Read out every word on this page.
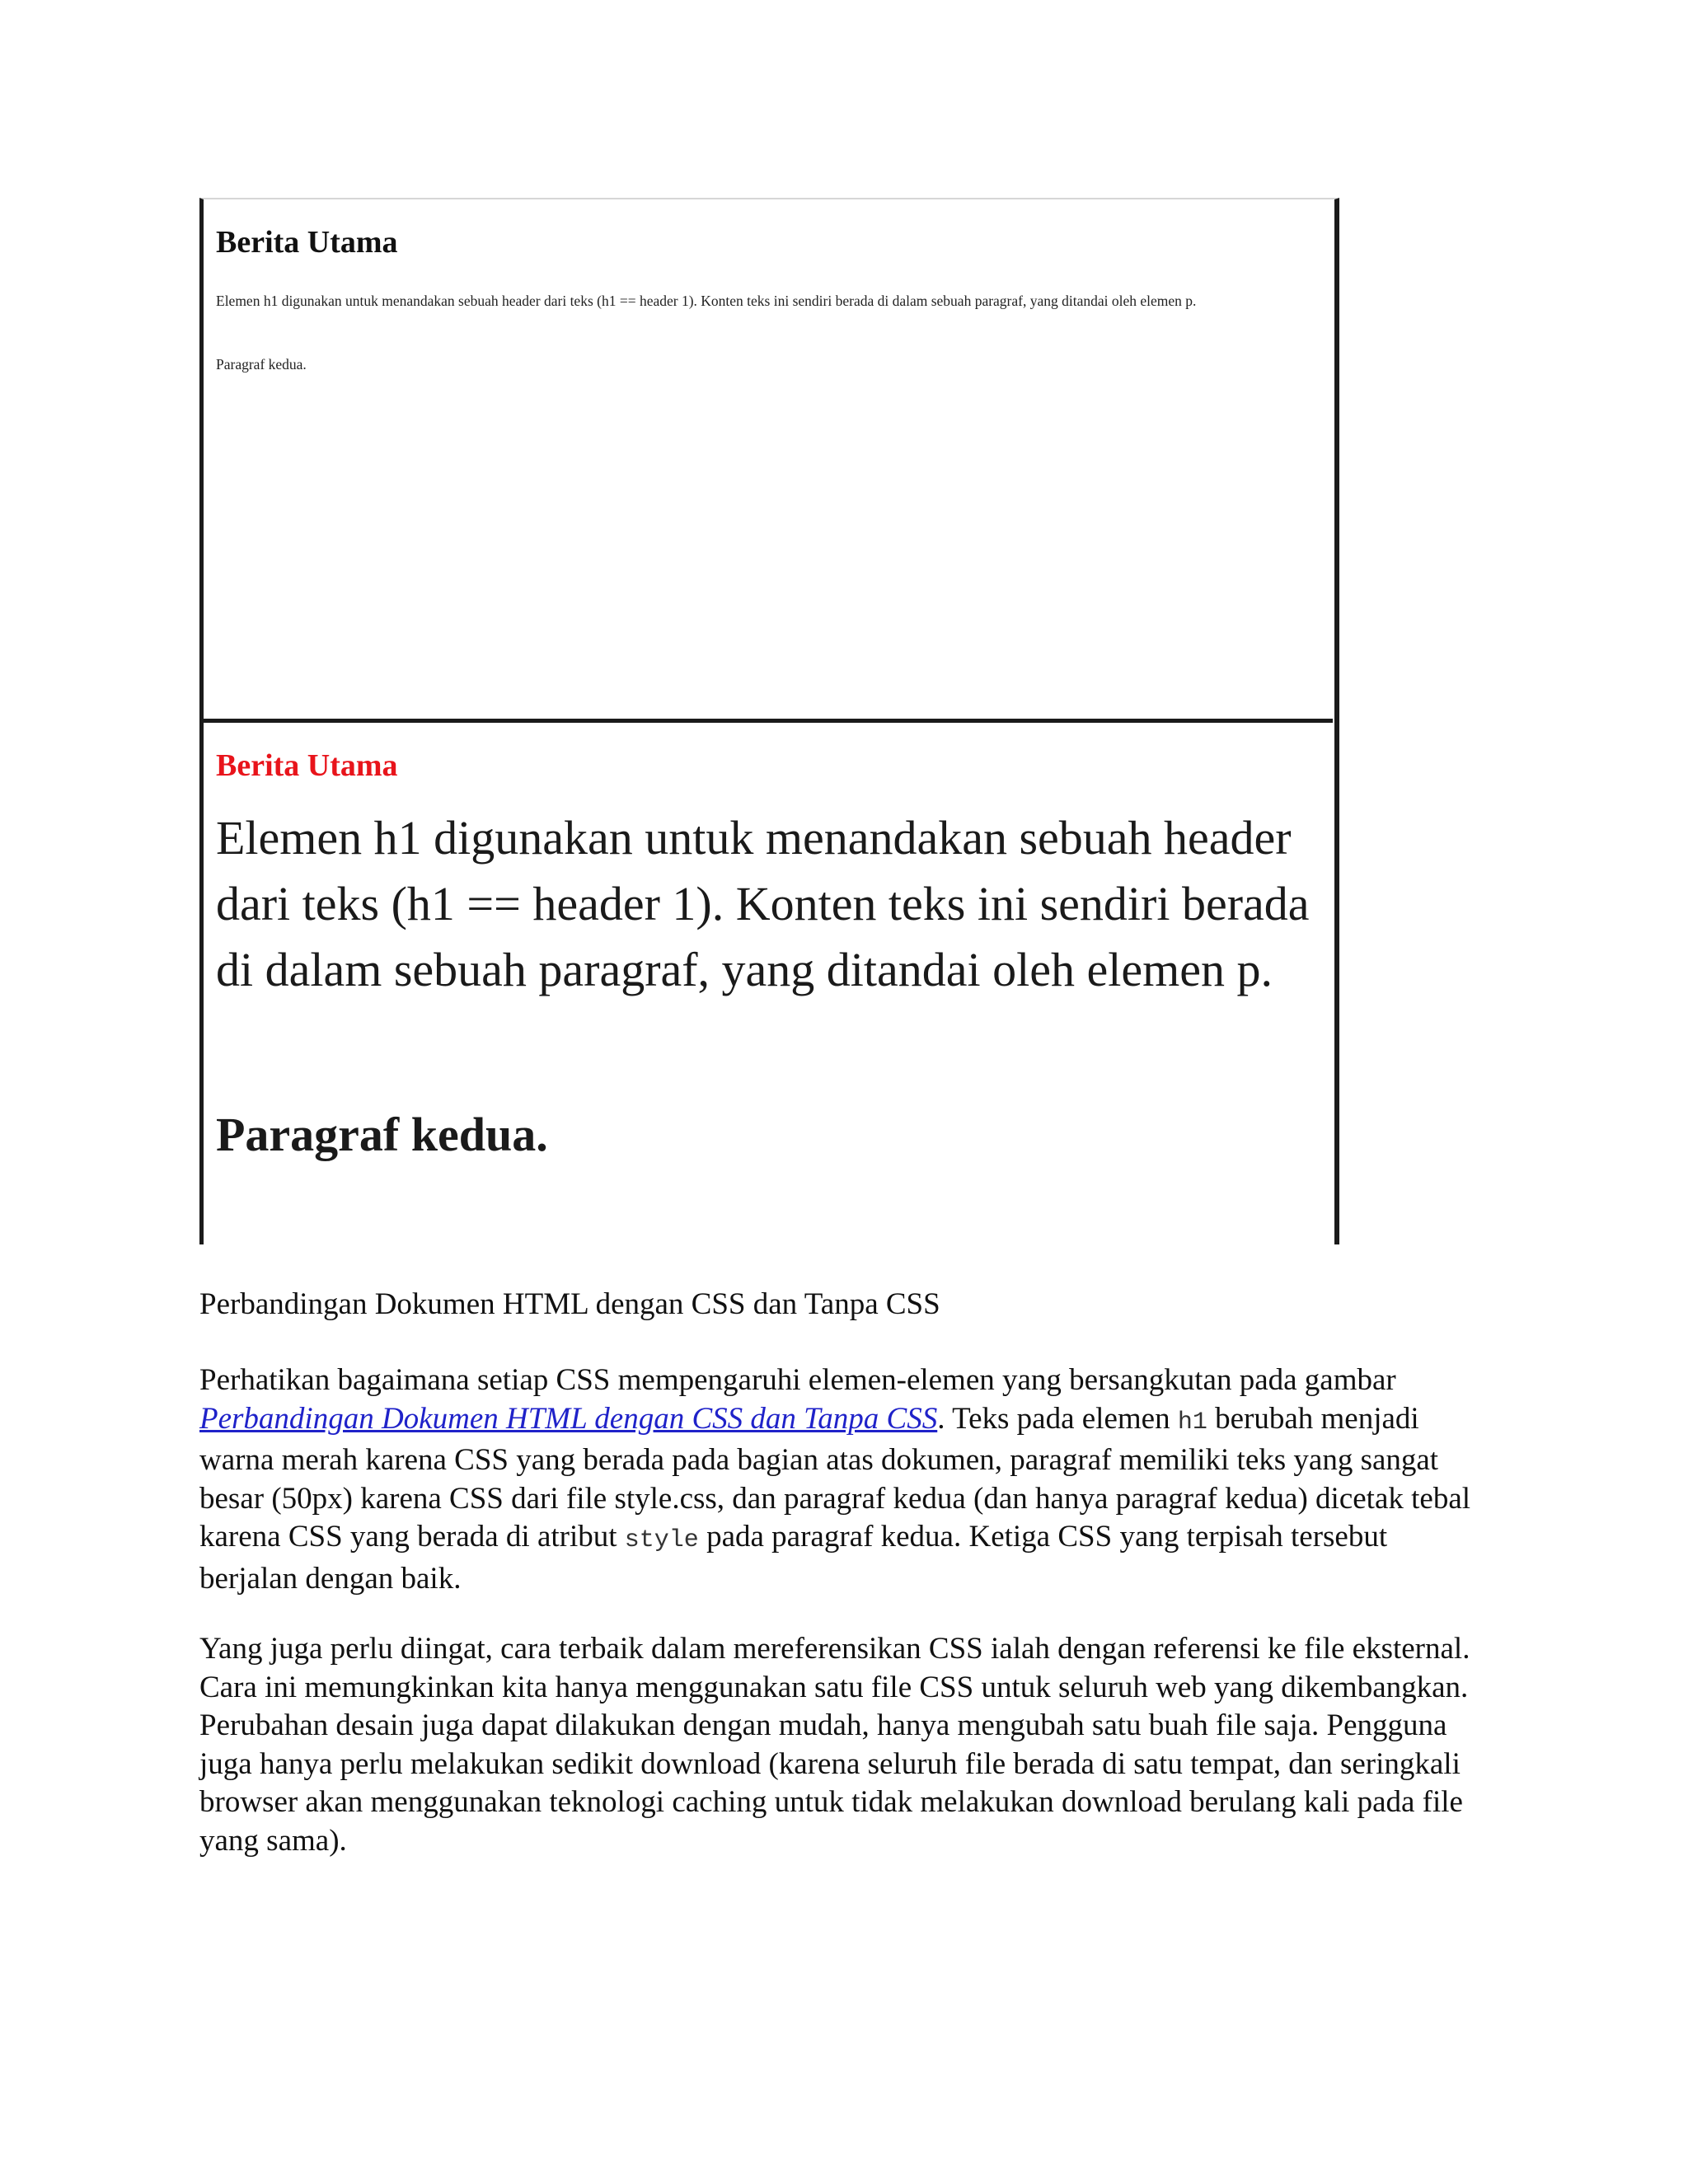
Berita Utama

Elemen h1 digunakan untuk menandakan sebuah header dari teks (h1 == header 1). Konten teks ini sendiri berada di dalam sebuah paragraf, yang ditandai oleh elemen p.

Paragraf kedua.

Berita Utama

Elemen h1 digunakan untuk menandakan sebuah header dari teks (h1 == header 1). Konten teks ini sendiri berada di dalam sebuah paragraf, yang ditandai oleh elemen p.

Paragraf kedua.

Perbandingan Dokumen HTML dengan CSS dan Tanpa CSS

Perhatikan bagaimana setiap CSS mempengaruhi elemen-elemen yang bersangkutan pada gambar Perbandingan Dokumen HTML dengan CSS dan Tanpa CSS. Teks pada elemen h1 berubah menjadi warna merah karena CSS yang berada pada bagian atas dokumen, paragraf memiliki teks yang sangat besar (50px) karena CSS dari file style.css, dan paragraf kedua (dan hanya paragraf kedua) dicetak tebal karena CSS yang berada di atribut style pada paragraf kedua. Ketiga CSS yang terpisah tersebut berjalan dengan baik.

Yang juga perlu diingat, cara terbaik dalam mereferensikan CSS ialah dengan referensi ke file eksternal. Cara ini memungkinkan kita hanya menggunakan satu file CSS untuk seluruh web yang dikembangkan. Perubahan desain juga dapat dilakukan dengan mudah, hanya mengubah satu buah file saja. Pengguna juga hanya perlu melakukan sedikit download (karena seluruh file berada di satu tempat, dan seringkali browser akan menggunakan teknologi caching untuk tidak melakukan download berulang kali pada file yang sama).
